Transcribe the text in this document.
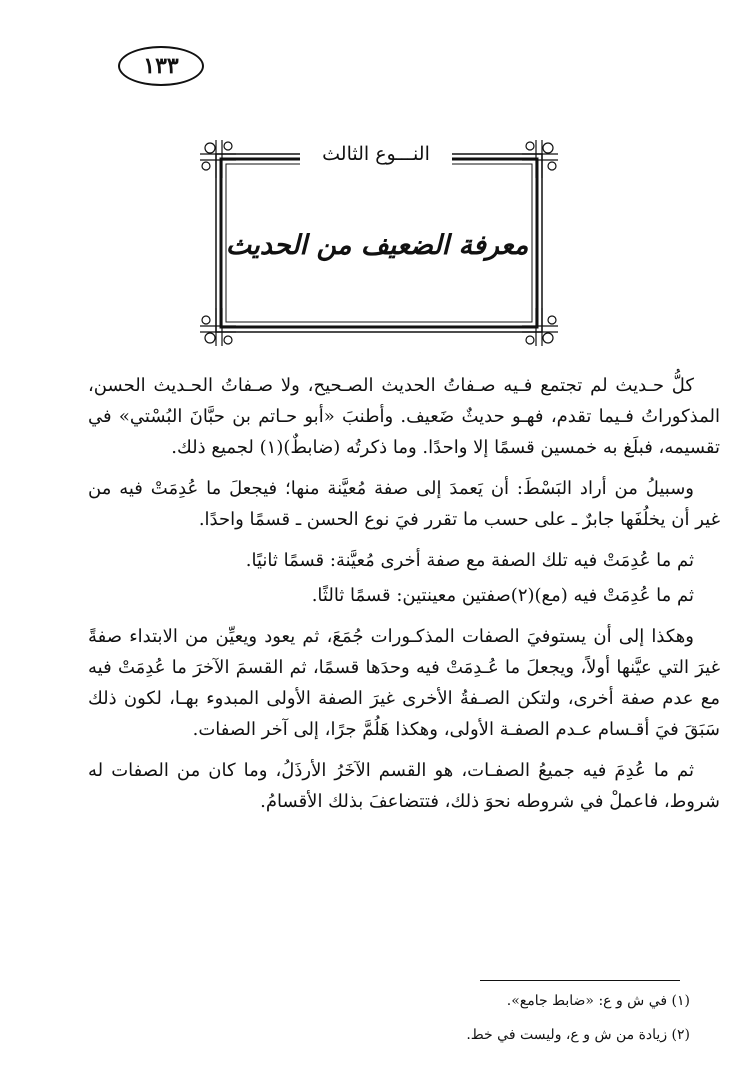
١٣٣
النـــوع الثالث
معرفة الضعيف من الحديث

كلُّ حـديث لم تجتمع فـيه صـفاتُ الحديث الصـحيح، ولا صـفاتُ الحـديث الحسن، المذكوراتُ فـيما تقدم، فهـو حديثٌ ضَعيف. وأطنبَ «أبو حـاتم بن حبَّانَ البُسْتي» في تقسيمه، فبلَغ به خمسين قسمًا إلا واحدًا. وما ذكرتُه (ضابطٌ)(١) لجميع ذلك.

وسبيلُ من أراد البَسْطَ: أن يَعمدَ إلى صفة مُعيَّنة منها؛ فيجعلَ ما عُدِمَتْ فيه من غير أن يخلُفَها جابرٌ ـ على حسب ما تقرر فيَ نوع الحسن ـ قسمًا واحدًا.

ثم ما عُدِمَتْ فيه تلك الصفة مع صفة أخرى مُعيَّنة: قسمًا ثانيًا.

ثم ما عُدِمَتْ فيه (مع)(٢)صفتين معينتين: قسمًا ثالثًا.

وهكذا إلى أن يستوفيَ الصفات المذكـورات جُمَعَ، ثم يعود ويعيِّن من الابتداء صفةً غيرَ التي عيَّنها أولاً، ويجعلَ ما عُـدِمَتْ فيه وحدَها قسمًا، ثم القسمَ الآخرَ ما عُدِمَتْ فيه مع عدم صفة أخرى، ولتكن الصـفةُ الأخرى غيرَ الصفة الأولى المبدوء بهـا، لكون ذلك سَبَقَ فيَ أقـسام عـدم الصفـة الأولى، وهكذا هَلُمَّ جرًا، إلى آخر الصفات.

ثم ما عُدِمَ فيه جميعُ الصفـات، هو القسم الآخَرُ الأرذَلُ، وما كان من الصفات له شروط، فاعملْ في شروطه نحوَ ذلك، فتتضاعفَ بذلك الأقسامُ.

(١) في ش و ع: «ضابط جامع».
(٢) زيادة من ش و ع، وليست في خط.
